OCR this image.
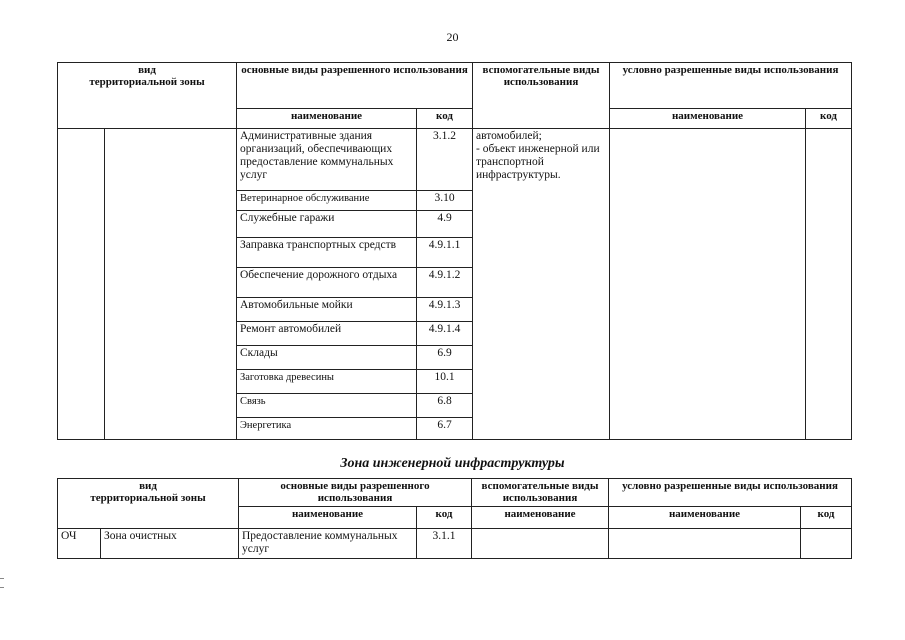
20
вид
территориальной зоны		основные виды разрешенного использования		вспомогательные виды использования	условно разрешенные виды использования	
		наименование	код		наименование	код
		Административные здания организаций, обеспечивающих предоставление коммунальных услуг	3.1.2	автомобилей;
- объект инженерной или транспортной инфраструктуры.		
		Ветеринарное обслуживание	3.10			
		Служебные гаражи	4.9			
		Заправка транспортных средств	4.9.1.1			
		Обеспечение дорожного отдыха	4.9.1.2			
		Автомобильные мойки	4.9.1.3			
		Ремонт автомобилей	4.9.1.4			
		Склады	6.9			
		Заготовка древесины	10.1			
		Связь	6.8			
		Энергетика	6.7			
Зона инженерной инфраструктуры
вид
территориальной зоны		основные виды разрешенного использования		вспомогательные виды использования	условно разрешенные виды использования	
		наименование	код	наименование	наименование	код
ОЧ	Зона очистных	Предоставление коммунальных услуг	3.1.1			
